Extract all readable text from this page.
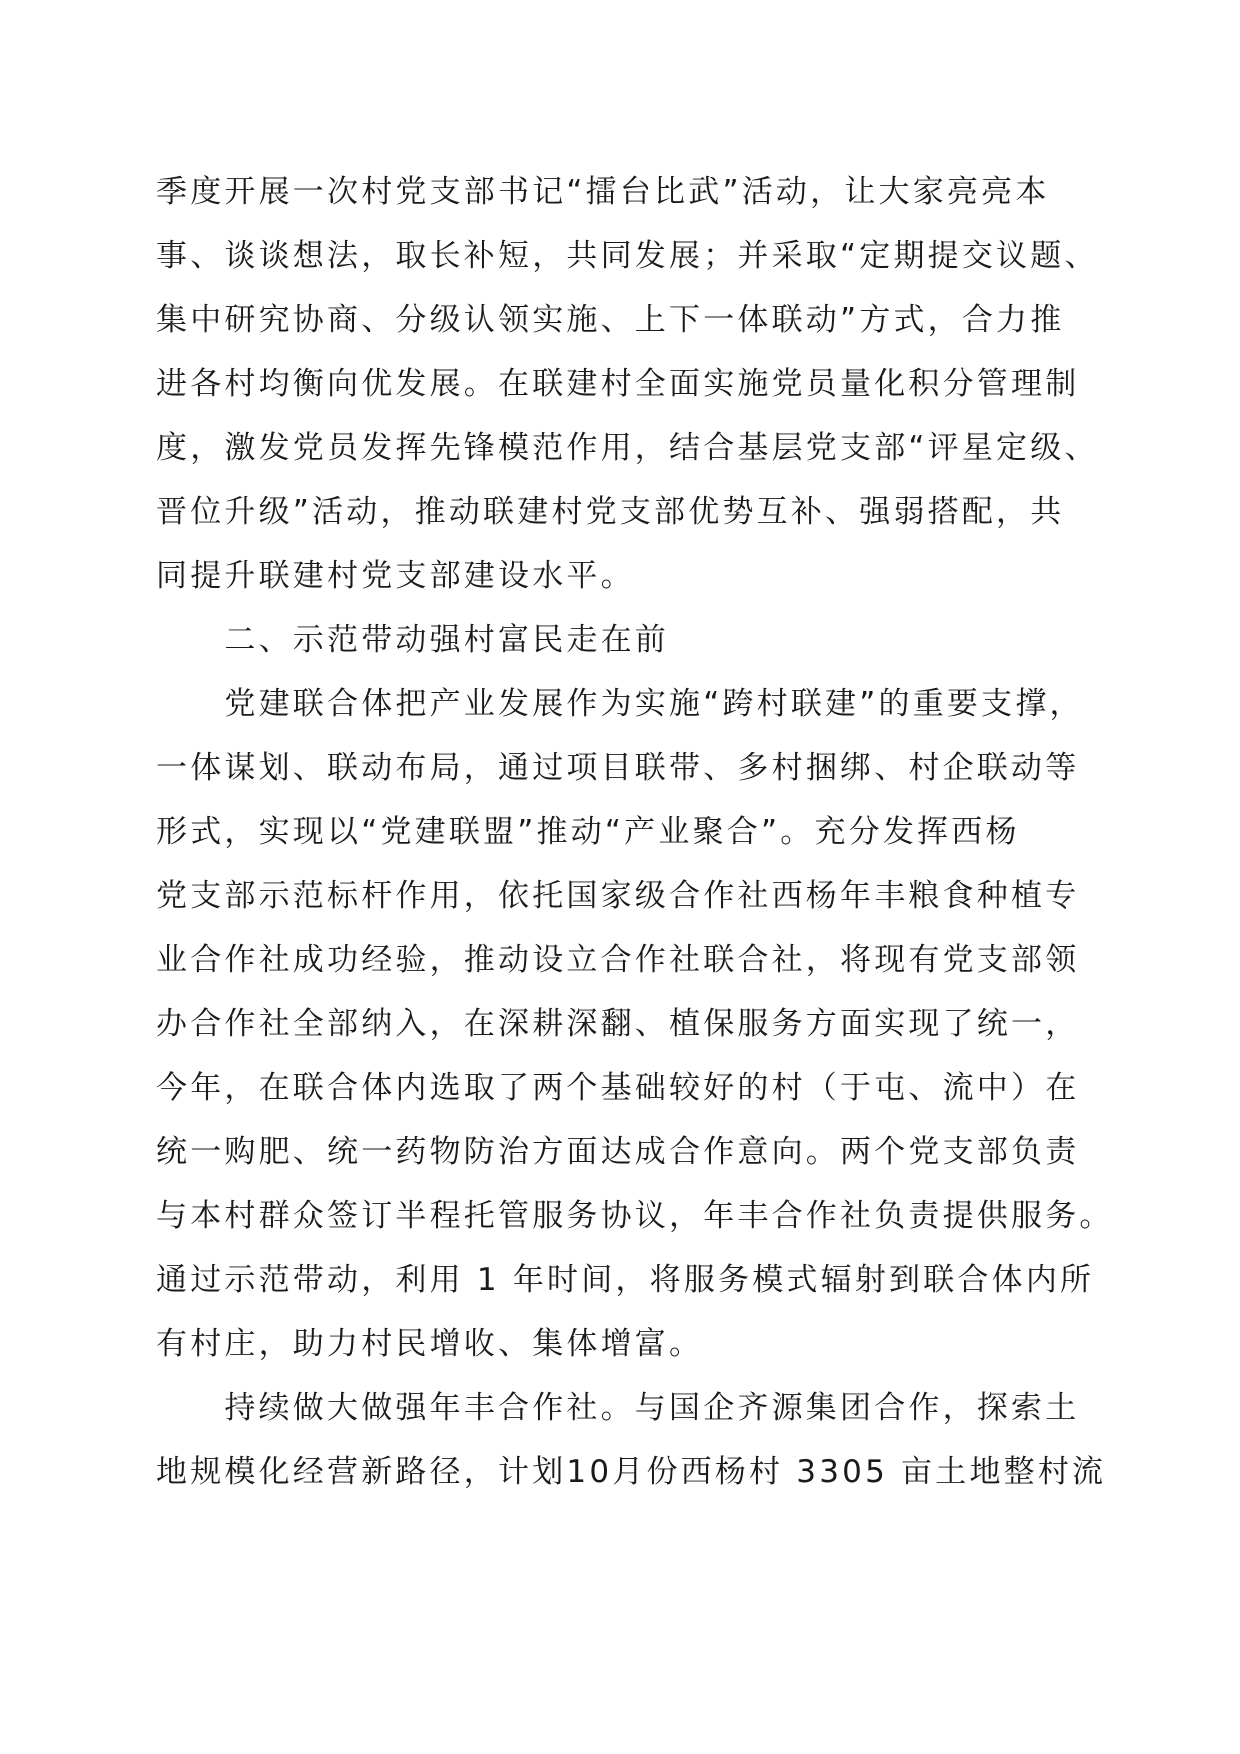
季度开展一次村党支部书记“擂台比武”活动，让大家亮亮本
事、谈谈想法，取长补短，共同发展；并采取“定期提交议题、
集中研究协商、分级认领实施、上下一体联动”方式，合力推
进各村均衡向优发展。在联建村全面实施党员量化积分管理制
度，激发党员发挥先锋模范作用，结合基层党支部“评星定级、
晋位升级”活动，推动联建村党支部优势互补、强弱搭配，共
同提升联建村党支部建设水平。
　　二、示范带动强村富民走在前
　　党建联合体把产业发展作为实施“跨村联建”的重要支撑，
一体谋划、联动布局，通过项目联带、多村捆绑、村企联动等
形式，实现以“党建联盟”推动“产业聚合”。充分发挥西杨
党支部示范标杆作用，依托国家级合作社西杨年丰粮食种植专
业合作社成功经验，推动设立合作社联合社，将现有党支部领
办合作社全部纳入，在深耕深翻、植保服务方面实现了统一，
今年，在联合体内选取了两个基础较好的村（于屯、流中）在
统一购肥、统一药物防治方面达成合作意向。两个党支部负责
与本村群众签订半程托管服务协议，年丰合作社负责提供服务。
通过示范带动，利用 1 年时间，将服务模式辐射到联合体内所
有村庄，助力村民增收、集体增富。
　　持续做大做强年丰合作社。与国企齐源集团合作，探索土
地规模化经营新路径，计划10月份西杨村 3305 亩土地整村流
